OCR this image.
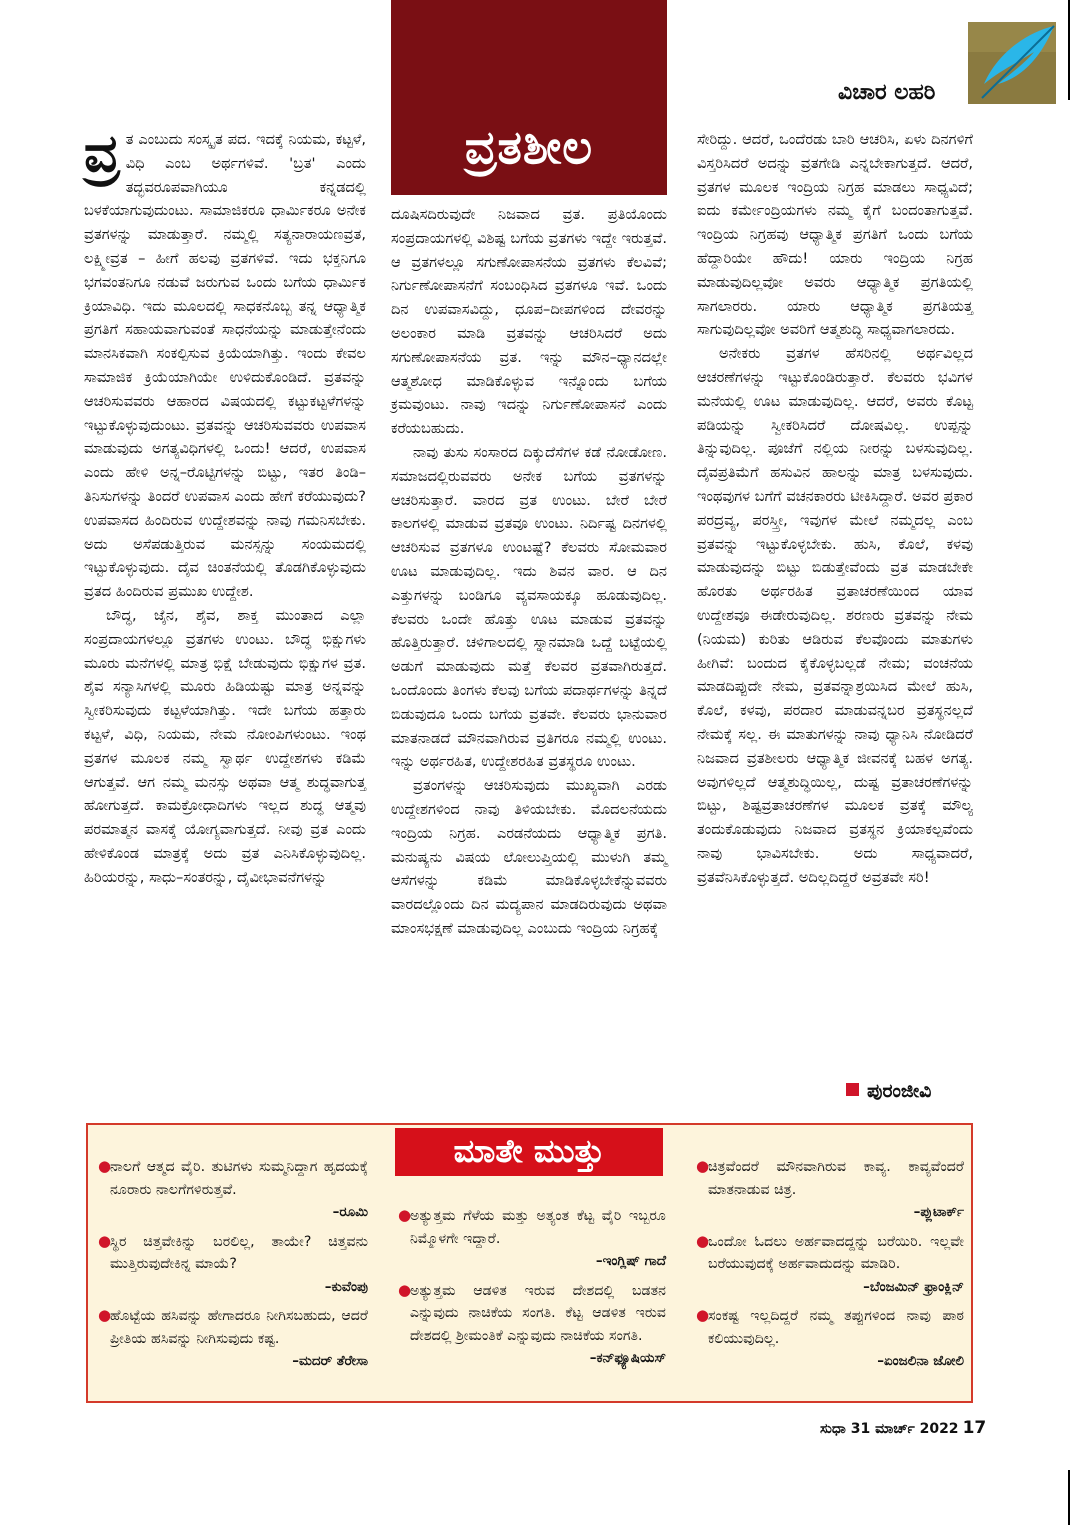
ವ್ರತಶೀಲ
ವಿಚಾರ ಲಹರಿ
ವ್ರ ತ ಎಂಬುದು ಸಂಸ್ಕೃತ ಪದ. ಇದಕ್ಕೆ ನಿಯಮ, ಕಟ್ಟಳೆ, ವಿಧಿ ಎಂಬ ಅರ್ಥಗಳಿವೆ. 'ಬ್ರತ' ಎಂದು ತದ್ಭವರೂಪವಾಗಿಯೂ ಕನ್ನಡದಲ್ಲಿ ಬಳಕೆಯಾಗುವುದುಂಟು. ಸಾಮಾಜಿಕರೂ ಧಾರ್ಮಿಕರೂ ಅನೇಕ ವ್ರತಗಳನ್ನು ಮಾಡುತ್ತಾರೆ. ನಮ್ಮಲ್ಲಿ ಸತ್ಯನಾರಾಯಣವ್ರತ, ಲಕ್ಷ್ಮೀವ್ರತ – ಹೀಗೆ ಹಲವು ವ್ರತಗಳಿವೆ. ಇದು ಭಕ್ತನಿಗೂ ಭಗವಂತನಿಗೂ ನಡುವೆ ಜರುಗುವ ಒಂದು ಬಗೆಯ ಧಾರ್ಮಿಕ ಕ್ರಿಯಾವಿಧಿ. ಇದು ಮೂಲದಲ್ಲಿ ಸಾಧಕನೊಬ್ಬ ತನ್ನ ಆಧ್ಯಾತ್ಮಿಕ ಪ್ರಗತಿಗೆ ಸಹಾಯವಾಗುವಂತೆ ಸಾಧನೆಯನ್ನು ಮಾಡುತ್ತೇನೆಂದು ಮಾನಸಿಕವಾಗಿ ಸಂಕಲ್ಪಿಸುವ ಕ್ರಿಯೆಯಾಗಿತ್ತು. ಇಂದು ಕೇವಲ ಸಾಮಾಜಿಕ ಕ್ರಿಯೆಯಾಗಿಯೇ ಉಳಿದುಕೊಂಡಿದೆ. ವ್ರತವನ್ನು ಆಚರಿಸುವವರು ಆಹಾರದ ವಿಷಯದಲ್ಲಿ ಕಟ್ಟುಕಟ್ಟಳೆಗಳನ್ನು ಇಟ್ಟುಕೊಳ್ಳುವುದುಂಟು. ವ್ರತವನ್ನು ಆಚರಿಸುವವರು ಉಪವಾಸ ಮಾಡುವುದು ಅಗತ್ಯವಿಧಿಗಳಲ್ಲಿ ಒಂದು! ಆದರೆ, ಉಪವಾಸ ಎಂದು ಹೇಳಿ ಅನ್ನ–ರೊಟ್ಟಿಗಳನ್ನು ಬಿಟ್ಟು, ಇತರ ತಿಂಡಿ–ತಿನಿಸುಗಳನ್ನು ತಿಂದರೆ ಉಪವಾಸ ಎಂದು ಹೇಗೆ ಕರೆಯುವುದು? ಉಪವಾಸದ ಹಿಂದಿರುವ ಉದ್ದೇಶವನ್ನು ನಾವು ಗಮನಿಸಬೇಕು. ಅದು ಅಸೆಪಡುತ್ತಿರುವ ಮನಸ್ಸನ್ನು ಸಂಯಮದಲ್ಲಿ ಇಟ್ಟುಕೊಳ್ಳುವುದು. ದೈವ ಚಿಂತನೆಯಲ್ಲಿ ತೊಡಗಿಕೊಳ್ಳುವುದು ವ್ರತದ ಹಿಂದಿರುವ ಪ್ರಮುಖ ಉದ್ದೇಶ.

ಬೌದ್ಧ, ಜೈನ, ಶೈವ, ಶಾಕ್ತ ಮುಂತಾದ ಎಲ್ಲಾ ಸಂಪ್ರದಾಯಗಳಲ್ಲೂ ವ್ರತಗಳು ಉಂಟು. ಬೌದ್ಧ ಭಿಕ್ಷುಗಳು ಮೂರು ಮನೆಗಳಲ್ಲಿ ಮಾತ್ರ ಭಿಕ್ಷೆ ಬೇಡುವುದು ಭಿಕ್ಷುಗಳ ವ್ರತ. ಶೈವ ಸನ್ಯಾಸಿಗಳಲ್ಲಿ ಮೂರು ಹಿಡಿಯಷ್ಟು ಮಾತ್ರ ಅನ್ನವನ್ನು ಸ್ವೀಕರಿಸುವುದು ಕಟ್ಟಳೆಯಾಗಿತ್ತು. ಇದೇ ಬಗೆಯ ಹತ್ತಾರು ಕಟ್ಟಳೆ, ವಿಧಿ, ನಿಯಮ, ನೇಮ ನೋಂಪಿಗಳುಂಟು. ಇಂಥ ವ್ರತಗಳ ಮೂಲಕ ನಮ್ಮ ಸ್ವಾರ್ಥ ಉದ್ದೇಶಗಳು ಕಡಿಮೆ ಆಗುತ್ತವೆ. ಆಗ ನಮ್ಮ ಮನಸ್ಸು ಅಥವಾ ಆತ್ಮ ಶುದ್ಧವಾಗುತ್ತ ಹೋಗುತ್ತದೆ. ಕಾಮಕ್ರೋಧಾದಿಗಳು ಇಲ್ಲದ ಶುದ್ಧ ಆತ್ಮವು ಪರಮಾತ್ಮನ ವಾಸಕ್ಕೆ ಯೋಗ್ಯವಾಗುತ್ತದೆ. ನೀವು ವ್ರತ ಎಂದು ಹೇಳಿಕೊಂಡ ಮಾತ್ರಕ್ಕೆ ಅದು ವ್ರತ ಎನಿಸಿಕೊಳ್ಳುವುದಿಲ್ಲ. ಹಿರಿಯರನ್ನು, ಸಾಧು–ಸಂತರನ್ನು, ದೈವೀಭಾವನೆಗಳನ್ನು

ದೂಷಿಸದಿರುವುದೇ ನಿಜವಾದ ವ್ರತ. ಪ್ರತಿಯೊಂದು ಸಂಪ್ರದಾಯಗಳಲ್ಲಿ ವಿಶಿಷ್ಟ ಬಗೆಯ ವ್ರತಗಳು ಇದ್ದೇ ಇರುತ್ತವೆ. ಆ ವ್ರತಗಳಲ್ಲೂ ಸಗುಣೋಪಾಸನೆಯ ವ್ರತಗಳು ಕೆಲವಿವೆ; ನಿರ್ಗುಣೋಪಾಸನೆಗೆ ಸಂಬಂಧಿಸಿದ ವ್ರತಗಳೂ ಇವೆ. ಒಂದು ದಿನ ಉಪವಾಸವಿದ್ದು, ಧೂಪ–ದೀಪಗಳಿಂದ ದೇವರನ್ನು ಅಲಂಕಾರ ಮಾಡಿ ವ್ರತವನ್ನು ಆಚರಿಸಿದರೆ ಅದು ಸಗುಣೋಪಾಸನೆಯ ವ್ರತ. ಇನ್ನು ಮೌನ–ಧ್ಯಾನದಲ್ಲೇ ಆತ್ಮಶೋಧ ಮಾಡಿಕೊಳ್ಳುವ ಇನ್ನೊಂದು ಬಗೆಯ ಕ್ರಮವುಂಟು. ನಾವು ಇದನ್ನು ನಿರ್ಗುಣೋಪಾಸನೆ ಎಂದು ಕರೆಯಬಹುದು.

ನಾವು ತುಸು ಸಂಸಾರದ ದಿಕ್ಕುದೆಸೆಗಳ ಕಡೆ ನೋಡೋಣ. ಸಮಾಜದಲ್ಲಿರುವವರು ಅನೇಕ ಬಗೆಯ ವ್ರತಗಳನ್ನು ಆಚರಿಸುತ್ತಾರೆ. ವಾರದ ವ್ರತ ಉಂಟು. ಬೇರೆ ಬೇರೆ ಕಾಲಗಳಲ್ಲಿ ಮಾಡುವ ವ್ರತವೂ ಉಂಟು. ನಿರ್ದಿಷ್ಟ ದಿನಗಳಲ್ಲಿ ಆಚರಿಸುವ ವ್ರತಗಳೂ ಉಂಟಷ್ಟೆ? ಕೆಲವರು ಸೋಮವಾರ ಊಟ ಮಾಡುವುದಿಲ್ಲ. ಇದು ಶಿವನ ವಾರ. ಆ ದಿನ ಎತ್ತುಗಳನ್ನು ಬಂಡಿಗೂ ವ್ಯವಸಾಯಕ್ಕೂ ಹೂಡುವುದಿಲ್ಲ. ಕೆಲವರು ಒಂದೇ ಹೊತ್ತು ಊಟ ಮಾಡುವ ವ್ರತವನ್ನು ಹೊತ್ತಿರುತ್ತಾರೆ. ಚಳಿಗಾಲದಲ್ಲಿ ಸ್ನಾನಮಾಡಿ ಒದ್ದೆ ಬಟ್ಟೆಯಲ್ಲಿ ಅಡುಗೆ ಮಾಡುವುದು ಮತ್ತೆ ಕೆಲವರ ವ್ರತವಾಗಿರುತ್ತದೆ. ಒಂದೊಂದು ತಿಂಗಳು ಕೆಲವು ಬಗೆಯ ಪದಾರ್ಥಗಳನ್ನು ತಿನ್ನದೆ ಬಿಡುವುದೂ ಒಂದು ಬಗೆಯ ವ್ರತವೇ. ಕೆಲವರು ಭಾನುವಾರ ಮಾತನಾಡದೆ ಮೌನವಾಗಿರುವ ವ್ರತಿಗರೂ ನಮ್ಮಲ್ಲಿ ಉಂಟು. ಇನ್ನು ಅರ್ಥರಹಿತ, ಉದ್ದೇಶರಹಿತ ವ್ರತಸ್ಥರೂ ಉಂಟು.

ವ್ರತಂಗಳನ್ನು ಆಚರಿಸುವುದು ಮುಖ್ಯವಾಗಿ ಎರಡು ಉದ್ದೇಶಗಳಿಂದ ನಾವು ತಿಳಿಯಬೇಕು. ಮೊದಲನೆಯದು ಇಂದ್ರಿಯ ನಿಗ್ರಹ. ಎರಡನೆಯದು ಆಧ್ಯಾತ್ಮಿಕ ಪ್ರಗತಿ. ಮನುಷ್ಯನು ವಿಷಯ ಲೋಲುಪ್ತಿಯಲ್ಲಿ ಮುಳುಗಿ ತಮ್ಮ ಆಸೆಗಳನ್ನು ಕಡಿಮೆ ಮಾಡಿಕೊಳ್ಳಬೇಕೆನ್ನುವವರು ವಾರದಲ್ಲೊಂದು ದಿನ ಮದ್ಯಪಾನ ಮಾಡದಿರುವುದು ಅಥವಾ ಮಾಂಸಭಕ್ಷಣೆ ಮಾಡುವುದಿಲ್ಲ ಎಂಬುದು ಇಂದ್ರಿಯ ನಿಗ್ರಹಕ್ಕೆ

ಸೇರಿದ್ದು. ಆದರೆ, ಒಂದೆರಡು ಬಾರಿ ಆಚರಿಸಿ, ಏಳು ದಿನಗಳಿಗೆ ವಿಸ್ತರಿಸಿದರೆ ಅದನ್ನು ವ್ರತಗೇಡಿ ಎನ್ನಬೇಕಾಗುತ್ತದೆ. ಆದರೆ, ವ್ರತಗಳ ಮೂಲಕ ಇಂದ್ರಿಯ ನಿಗ್ರಹ ಮಾಡಲು ಸಾಧ್ಯವಿದೆ; ಐದು ಕರ್ಮೇಂದ್ರಿಯಗಳು ನಮ್ಮ ಕೈಗೆ ಬಂದಂತಾಗುತ್ತವೆ. ಇಂದ್ರಿಯ ನಿಗ್ರಹವು ಆಧ್ಯಾತ್ಮಿಕ ಪ್ರಗತಿಗೆ ಒಂದು ಬಗೆಯ ಹೆದ್ದಾರಿಯೇ ಹೌದು! ಯಾರು ಇಂದ್ರಿಯ ನಿಗ್ರಹ ಮಾಡುವುದಿಲ್ಲವೋ ಅವರು ಆಧ್ಯಾತ್ಮಿಕ ಪ್ರಗತಿಯಲ್ಲಿ ಸಾಗಲಾರರು. ಯಾರು ಆಧ್ಯಾತ್ಮಿಕ ಪ್ರಗತಿಯತ್ತ ಸಾಗುವುದಿಲ್ಲವೋ ಅವರಿಗೆ ಆತ್ಮಶುದ್ಧಿ ಸಾಧ್ಯವಾಗಲಾರದು.

ಅನೇಕರು ವ್ರತಗಳ ಹೆಸರಿನಲ್ಲಿ ಅರ್ಥವಿಲ್ಲದ ಆಚರಣೆಗಳನ್ನು ಇಟ್ಟುಕೊಂಡಿರುತ್ತಾರೆ. ಕೆಲವರು ಭವಿಗಳ ಮನೆಯಲ್ಲಿ ಊಟ ಮಾಡುವುದಿಲ್ಲ. ಆದರೆ, ಅವರು ಕೊಟ್ಟ ಪಡಿಯನ್ನು ಸ್ವೀಕರಿಸಿದರೆ ದೋಷವಿಲ್ಲ. ಉಪ್ಪನ್ನು ತಿನ್ನುವುದಿಲ್ಲ. ಪೂಜೆಗೆ ನಲ್ಲಿಯ ನೀರನ್ನು ಬಳಸುವುದಿಲ್ಲ. ದೈವಪ್ರತಿಮೆಗೆ ಹಸುವಿನ ಹಾಲನ್ನು ಮಾತ್ರ ಬಳಸುವುದು. ಇಂಥವುಗಳ ಬಗೆಗೆ ವಚನಕಾರರು ಟೀಕಿಸಿದ್ದಾರೆ. ಅವರ ಪ್ರಕಾರ ಪರದ್ರವ್ಯ, ಪರಸ್ತ್ರೀ, ಇವುಗಳ ಮೇಲೆ ನಮ್ಮದಲ್ಲ ಎಂಬ ವ್ರತವನ್ನು ಇಟ್ಟುಕೊಳ್ಳಬೇಕು. ಹುಸಿ, ಕೊಲೆ, ಕಳವು ಮಾಡುವುದನ್ನು ಬಿಟ್ಟು ಬಿಡುತ್ತೇವೆಂದು ವ್ರತ ಮಾಡಬೇಕೇ ಹೊರತು ಅರ್ಥರಹಿತ ವ್ರತಾಚರಣೆಯಿಂದ ಯಾವ ಉದ್ದೇಶವೂ ಈಡೇರುವುದಿಲ್ಲ. ಶರಣರು ವ್ರತವನ್ನು ನೇಮ (ನಿಯಮ) ಕುರಿತು ಆಡಿರುವ ಕೆಲವೊಂದು ಮಾತುಗಳು ಹೀಗಿವೆ: ಬಂದುದ ಕೈಕೊಳ್ಳಬಲ್ಲಡೆ ನೇಮ; ವಂಚನೆಯ ಮಾಡದಿಪ್ಪುದೇ ನೇಮ, ವ್ರತವನ್ನಾಶ್ರಯಿಸಿದ ಮೇಲೆ ಹುಸಿ, ಕೊಲೆ, ಕಳವು, ಪರದಾರ ಮಾಡುವನ್ನಬರ ವ್ರತಸ್ಥನಲ್ಲದೆ ನೇಮಕ್ಕೆ ಸಲ್ಲ. ಈ ಮಾತುಗಳನ್ನು ನಾವು ಧ್ಯಾನಿಸಿ ನೋಡಿದರೆ ನಿಜವಾದ ವ್ರತಶೀಲರು ಆಧ್ಯಾತ್ಮಿಕ ಜೀವನಕ್ಕೆ ಬಹಳ ಅಗತ್ಯ. ಅವುಗಳಿಲ್ಲದೆ ಆತ್ಮಶುದ್ಧಿಯಿಲ್ಲ, ದುಷ್ಟ ವ್ರತಾಚರಣೆಗಳನ್ನು ಬಿಟ್ಟು, ಶಿಷ್ಟವ್ರತಾಚರಣೆಗಳ ಮೂಲಕ ವ್ರತಕ್ಕೆ ಮೌಲ್ಯ ತಂದುಕೊಡುವುದು ನಿಜವಾದ ವ್ರತಸ್ಥನ ಕ್ರಿಯಾಕಲ್ಪವೆಂದು ನಾವು ಭಾವಿಸಬೇಕು. ಅದು ಸಾಧ್ಯವಾದರೆ, ವ್ರತವೆನಿಸಿಕೊಳ್ಳುತ್ತದೆ. ಅದಿಲ್ಲದಿದ್ದರೆ ಅವ್ರತವೇ ಸರಿ!

ಪುರಂಜೀವಿ
ಮಾತೇ ಮುತ್ತು
●
ನಾಲಗೆ ಆತ್ಮದ ವೈರಿ. ತುಟಿಗಳು ಸುಮ್ಮನಿದ್ದಾಗ ಹೃದಯಕ್ಕೆ ನೂರಾರು ನಾಲಗೆಗಳಿರುತ್ತವೆ.
–ರೂಮಿ
●
ಸ್ಥಿರ ಚಿತ್ತವೇಕಿನ್ನು ಬರಲಿಲ್ಲ, ತಾಯೇ? ಚಿತ್ತವನು ಮುತ್ತಿರುವುದೇಕಿನ್ನ ಮಾಯೆ?
–ಕುವೆಂಪು
●
ಹೊಟ್ಟೆಯ ಹಸಿವನ್ನು ಹೇಗಾದರೂ ನೀಗಿಸಬಹುದು, ಆದರೆ ಪ್ರೀತಿಯ ಹಸಿವನ್ನು ನೀಗಿಸುವುದು ಕಷ್ಟ.
–ಮದರ್ ತೆರೇಸಾ
●
ಅತ್ಯುತ್ತಮ ಗೆಳೆಯ ಮತ್ತು ಅತ್ಯಂತ ಕೆಟ್ಟ ವೈರಿ ಇಬ್ಬರೂ ನಿಮ್ಮೊಳಗೇ ಇದ್ದಾರೆ.
–ಇಂಗ್ಲಿಷ್ ಗಾದೆ
●
ಅತ್ಯುತ್ತಮ ಆಡಳಿತ ಇರುವ ದೇಶದಲ್ಲಿ ಬಡತನ ಎನ್ನುವುದು ನಾಚಿಕೆಯ ಸಂಗತಿ. ಕೆಟ್ಟ ಆಡಳಿತ ಇರುವ ದೇಶದಲ್ಲಿ ಶ್ರೀಮಂತಿಕೆ ಎನ್ನುವುದು ನಾಚಿಕೆಯ ಸಂಗತಿ.
–ಕನ್‌ಫ್ಯೂಷಿಯಸ್
●
ಚಿತ್ರವೆಂದರೆ ಮೌನವಾಗಿರುವ ಕಾವ್ಯ. ಕಾವ್ಯವೆಂದರೆ ಮಾತನಾಡುವ ಚಿತ್ರ.
–ಪ್ಲುಟಾರ್ಕ್
●
ಒಂದೋ ಓದಲು ಅರ್ಹವಾದದ್ದನ್ನು ಬರೆಯಿರಿ. ಇಲ್ಲವೇ ಬರೆಯುವುದಕ್ಕೆ ಅರ್ಹವಾದುದನ್ನು ಮಾಡಿರಿ.
–ಬೆಂಜಮಿನ್ ಫ್ರಾಂಕ್ಲಿನ್
●
ಸಂಕಷ್ಟ ಇಲ್ಲದಿದ್ದರೆ ನಮ್ಮ ತಪ್ಪುಗಳಿಂದ ನಾವು ಪಾಠ ಕಲಿಯುವುದಿಲ್ಲ.
–ಏಂಜಲಿನಾ ಜೋಲಿ
ಸುಧಾ 31 ಮಾರ್ಚ್ 2022 17
